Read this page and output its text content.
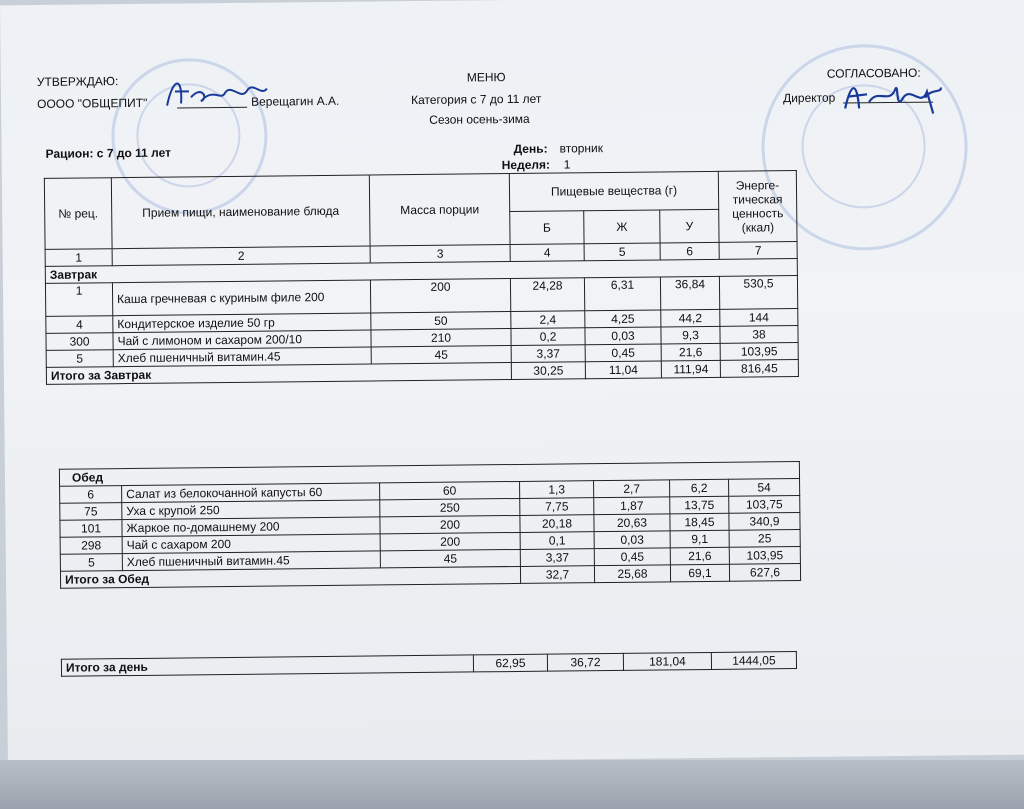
УТВЕРЖДАЮ:
ОООО "ОБЩЕПИТ"	Верещагин А.А.
МЕНЮ
Категория с 7 до 11 лет
Сезон осень-зима
СОГЛАСОВАНО:
Директор
Рацион: с 7 до 11 лет	День: вторник
Неделя: 1
№ рец.	Прием пищи, наименование блюда	Масса порции	Пищевые вещества (г)			Энерге-тическая ценность (ккал)
			Б	Ж	У	
1	2	3	4	5	6	7
Завтрак						
1	Каша гречневая с куриным филе 200	200	24,28	6,31	36,84	530,5
4	Кондитерское изделие 50 гр	50	2,4	4,25	44,2	144
300	Чай с лимоном и сахаром 200/10	210	0,2	0,03	9,3	38
5	Хлеб пшеничный витамин.45	45	3,37	0,45	21,6	103,95
Итого за Завтрак			30,25	11,04	111,94	816,45
Обед						
6	Салат из белокочанной капусты 60	60	1,3	2,7	6,2	54
75	Уха с крупой 250	250	7,75	1,87	13,75	103,75
101	Жаркое по-домашнему 200	200	20,18	20,63	18,45	340,9
298	Чай с сахаром 200	200	0,1	0,03	9,1	25
5	Хлеб пшеничный витамин.45	45	3,37	0,45	21,6	103,95
Итого за Обед			32,7	25,68	69,1	627,6
Итого за день	62,95	36,72	181,04	1444,05
